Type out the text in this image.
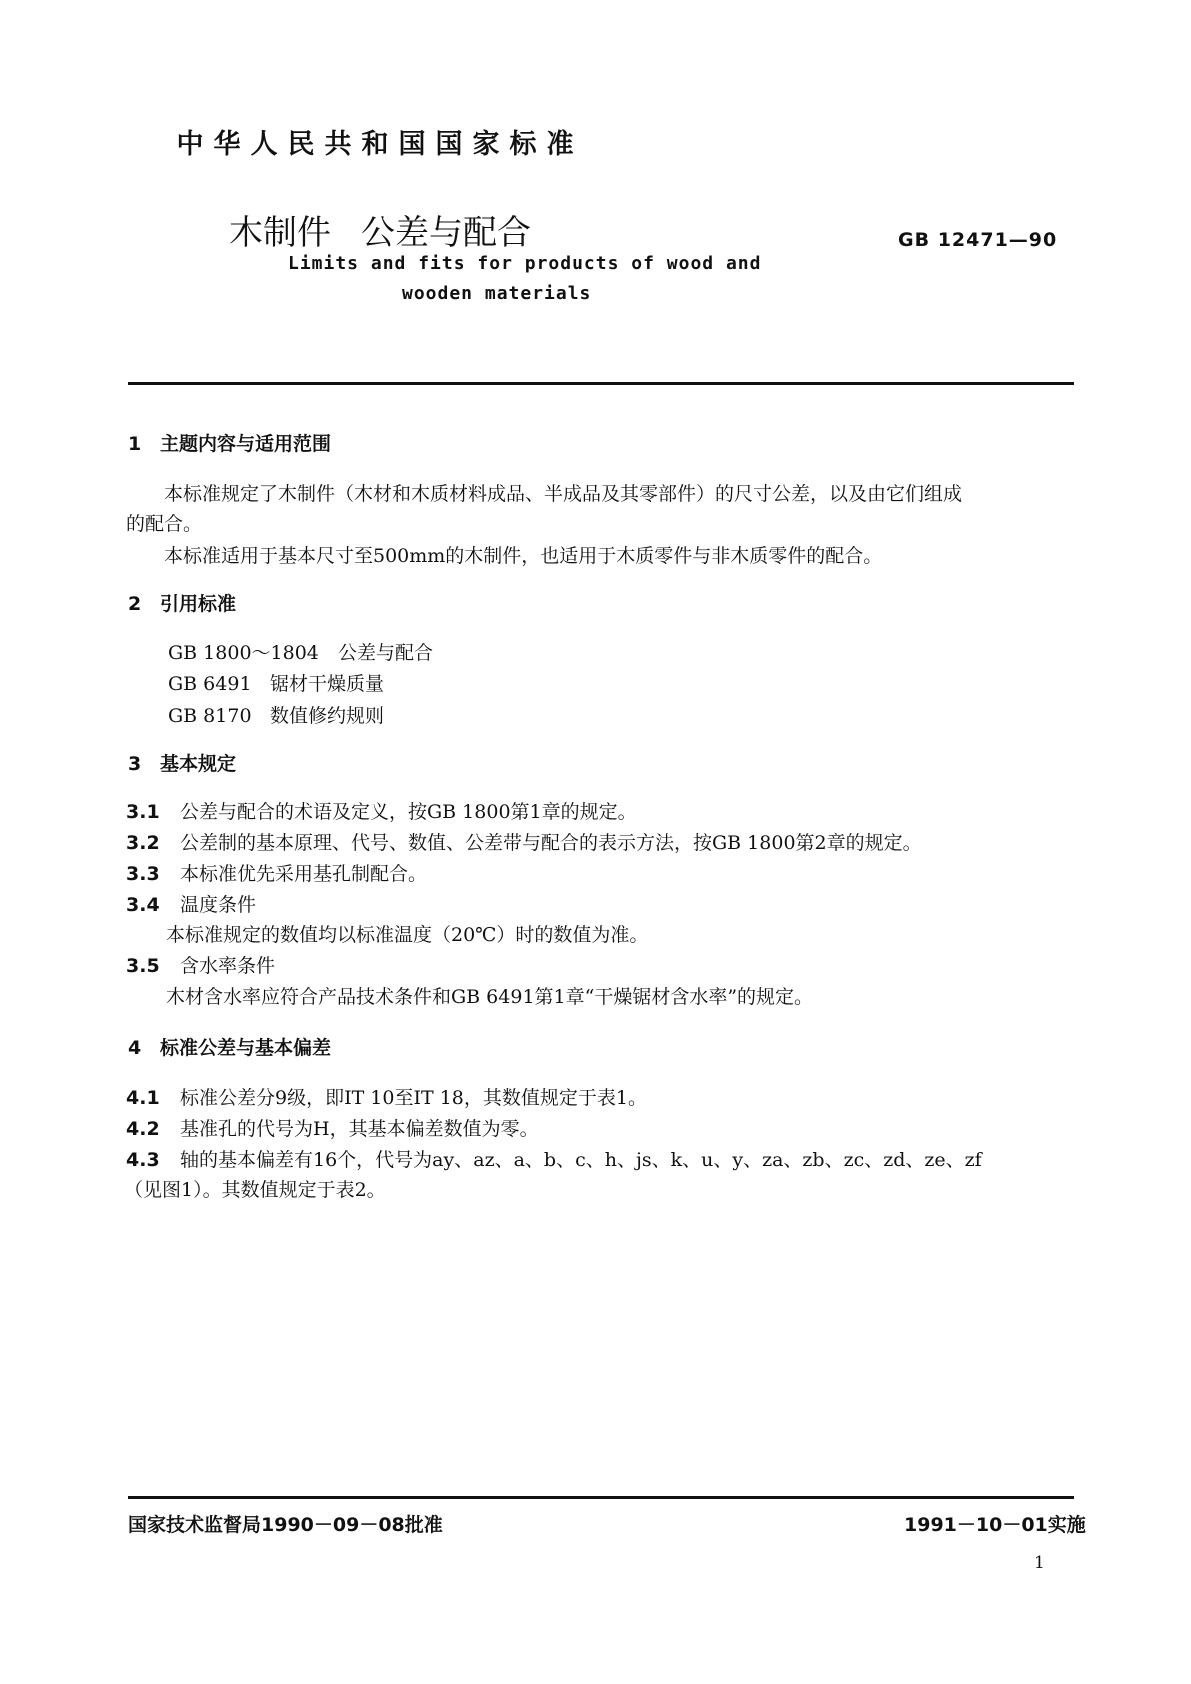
中华人民共和国国家标准
木制件 公差与配合	GB 12471—90
Limits and fits for products of wood and
wooden materials
1 主题内容与适用范围
本标准规定了木制件（木材和木质材料成品、半成品及其零部件）的尺寸公差，以及由它们组成
的配合。
本标准适用于基本尺寸至500mm的木制件，也适用于木质零件与非木质零件的配合。
2 引用标准
GB 1800～1804 公差与配合
GB 6491 锯材干燥质量
GB 8170 数值修约规则
3 基本规定
3.1 公差与配合的术语及定义，按GB 1800第1章的规定。
3.2 公差制的基本原理、代号、数值、公差带与配合的表示方法，按GB 1800第2章的规定。
3.3 本标准优先采用基孔制配合。
3.4 温度条件
本标准规定的数值均以标准温度（20℃）时的数值为准。
3.5 含水率条件
木材含水率应符合产品技术条件和GB 6491第1章“干燥锯材含水率”的规定。
4 标准公差与基本偏差
4.1 标准公差分9级，即IT 10至IT 18，其数值规定于表1。
4.2 基准孔的代号为H，其基本偏差数值为零。
4.3 轴的基本偏差有16个，代号为ay、az、a、b、c、h、js、k、u、y、za、zb、zc、zd、ze、zf
（见图1）。其数值规定于表2。
国家技术监督局1990－09－08批准	1991－10－01实施
1
